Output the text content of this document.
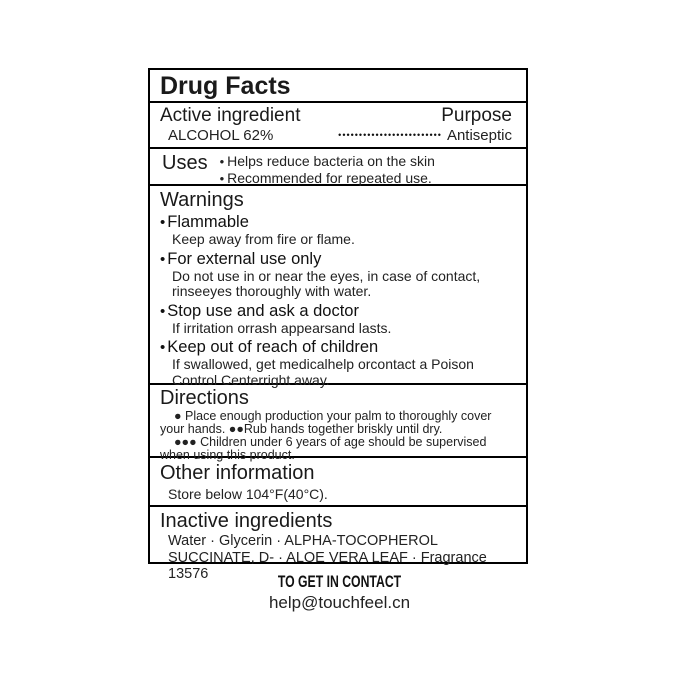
Drug Facts
Active ingredient	Purpose
ALCOHOL 62%	••••••••••••••••••••••••• Antiseptic
Uses • Helps reduce bacteria on the skin
• Recommended for repeated use.
Warnings
• Flammable

Keep away from fire or flame.

• For external use only

Do not use in or near the eyes, in case of contact, rinseeyes thoroughly with water.

• Stop use and ask a doctor

If irritation orrash appearsand lasts.

• Keep out of reach of children

If swallowed, get medicalhelp orcontact a Poison Control Centerright away.

Directions

● Place enough production your palm to thoroughly cover your hands. ●●Rub hands together briskly until dry.

●●● Children under 6 years of age should be supervised when using this product.

Other information
Store below 104°F(40°C).
Inactive ingredients
Water · Glycerin · ALPHA-TOCOPHEROL SUCCINATE, D- · ALOE VERA LEAF · Fragrance 13576	TO GET IN CONTACT
help@touchfeel.cn
